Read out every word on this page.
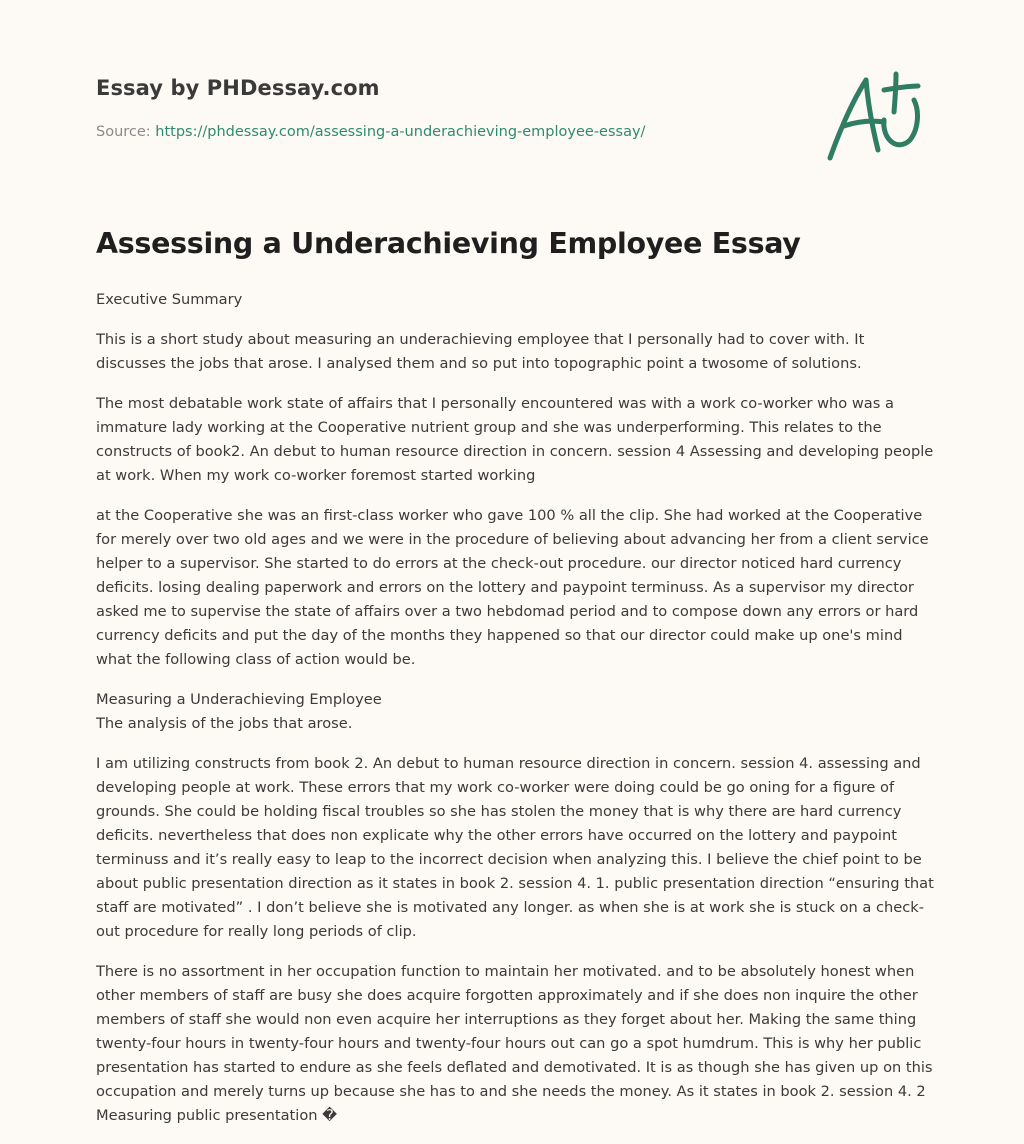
Essay by PHDessay.com
Source: https://phdessay.com/assessing-a-underachieving-employee-essay/
Assessing a Underachieving Employee Essay

Executive Summary

This is a short study about measuring an underachieving employee that I personally had to cover with. It discusses the jobs that arose. I analysed them and so put into topographic point a twosome of solutions.

The most debatable work state of affairs that I personally encountered was with a work co-worker who was a immature lady working at the Cooperative nutrient group and she was underperforming. This relates to the constructs of book2. An debut to human resource direction in concern. session 4 Assessing and developing people at work. When my work co-worker foremost started working

at the Cooperative she was an first-class worker who gave 100 % all the clip. She had worked at the Cooperative for merely over two old ages and we were in the procedure of believing about advancing her from a client service helper to a supervisor. She started to do errors at the check-out procedure. our director noticed hard currency deficits. losing dealing paperwork and errors on the lottery and paypoint terminuss. As a supervisor my director asked me to supervise the state of affairs over a two hebdomad period and to compose down any errors or hard currency deficits and put the day of the months they happened so that our director could make up one's mind what the following class of action would be.

Measuring a Underachieving Employee

The analysis of the jobs that arose.

I am utilizing constructs from book 2. An debut to human resource direction in concern. session 4. assessing and developing people at work. These errors that my work co-worker were doing could be go oning for a figure of grounds. She could be holding fiscal troubles so she has stolen the money that is why there are hard currency deficits. nevertheless that does non explicate why the other errors have occurred on the lottery and paypoint terminuss and it’s really easy to leap to the incorrect decision when analyzing this. I believe the chief point to be about public presentation direction as it states in book 2. session 4. 1. public presentation direction “ensuring that staff are motivated” . I don’t believe she is motivated any longer. as when she is at work she is stuck on a check-out procedure for really long periods of clip.

There is no assortment in her occupation function to maintain her motivated. and to be absolutely honest when other members of staff are busy she does acquire forgotten approximately and if she does non inquire the other members of staff she would non even acquire her interruptions as they forget about her. Making the same thing twenty-four hours in twenty-four hours and twenty-four hours out can go a spot humdrum. This is why her public presentation has started to endure as she feels deflated and demotivated. It is as though she has given up on this occupation and merely turns up because she has to and she needs the money. As it states in book 2. session 4. 2 Measuring public presentation �
